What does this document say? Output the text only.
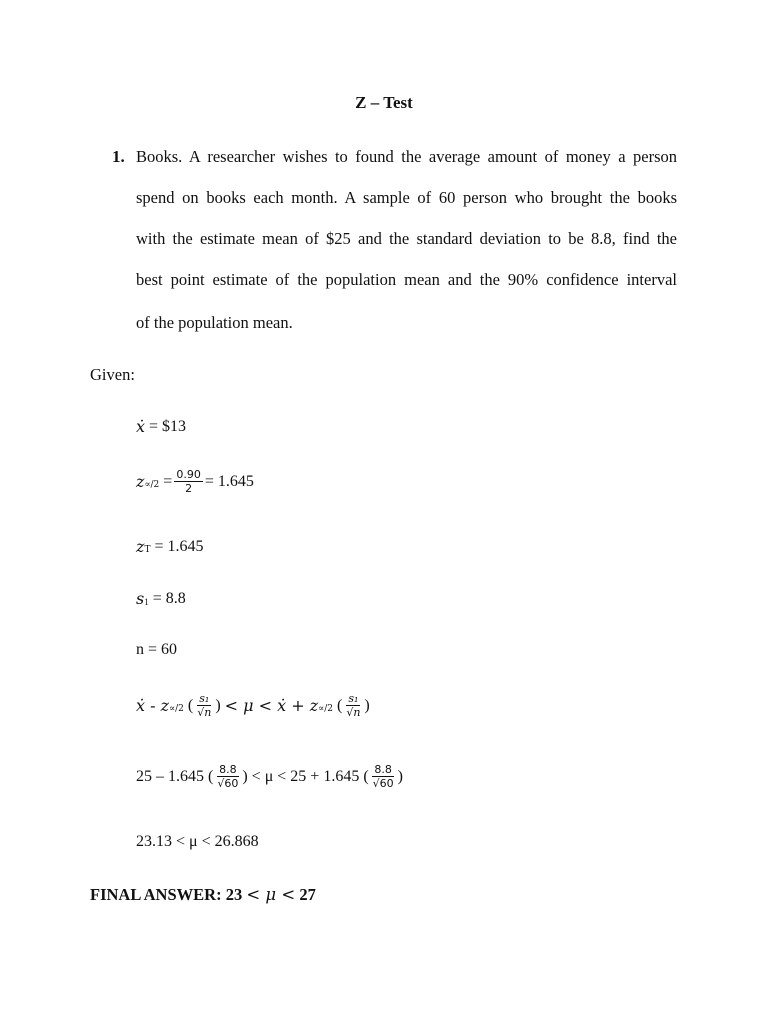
Z – Test
1. Books. A researcher wishes to found the average amount of money a person
spend on books each month. A sample of 60 person who brought the books
with the estimate mean of $25 and the standard deviation to be 8.8, find the
best point estimate of the population mean and the 90% confidence interval
of the population mean.
Given:
ẋ
= $13
z ∝/2
= $\frac{0.90}{2} = 1.645$
z T
= 1.645
s 1
= 8.8
n = 60
ẋ - z ∝/2
( $\frac{\text{s₁}}{√n}$ )
< μ < ẋ + z ∝/2
( $\frac{\text{s₁}}{√n}$ )
25 – 1.645
( $\frac{8.8}{√60}$ )
< μ < 25 + 1.645
( $\frac{8.8}{√60}$ )
23.13 < μ < 26.868
FINAL ANSWER: 23 < μ < 27
